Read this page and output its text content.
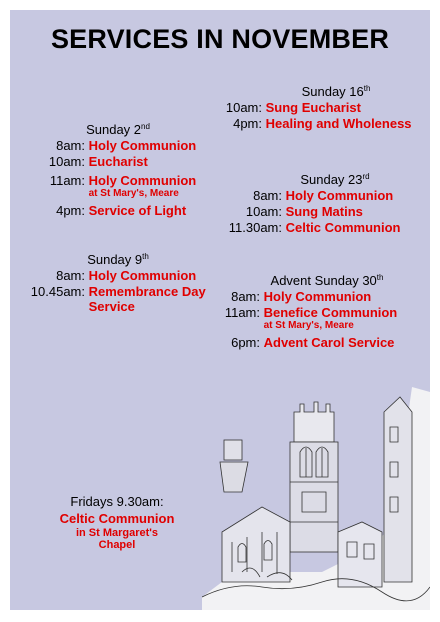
SERVICES IN NOVEMBER
Sunday 2nd
8am:
Holy Communion
10am:
Eucharist
11am:
Holy Communion
at St Mary's, Meare
4pm:
Service of Light
Sunday 9th
8am:
Holy Communion
10.45am:
Remembrance Day
Service
Sunday 16th
10am:
Sung Eucharist
4pm:
Healing and Wholeness
Sunday 23rd
8am:
Holy Communion
10am:
Sung Matins
11.30am:
Celtic Communion
Advent Sunday 30th
8am:
Holy Communion
11am:
Benefice Communion
at St Mary's, Meare
6pm:
Advent Carol Service
Fridays 9.30am:
Celtic Communion
in St Margaret's
Chapel
